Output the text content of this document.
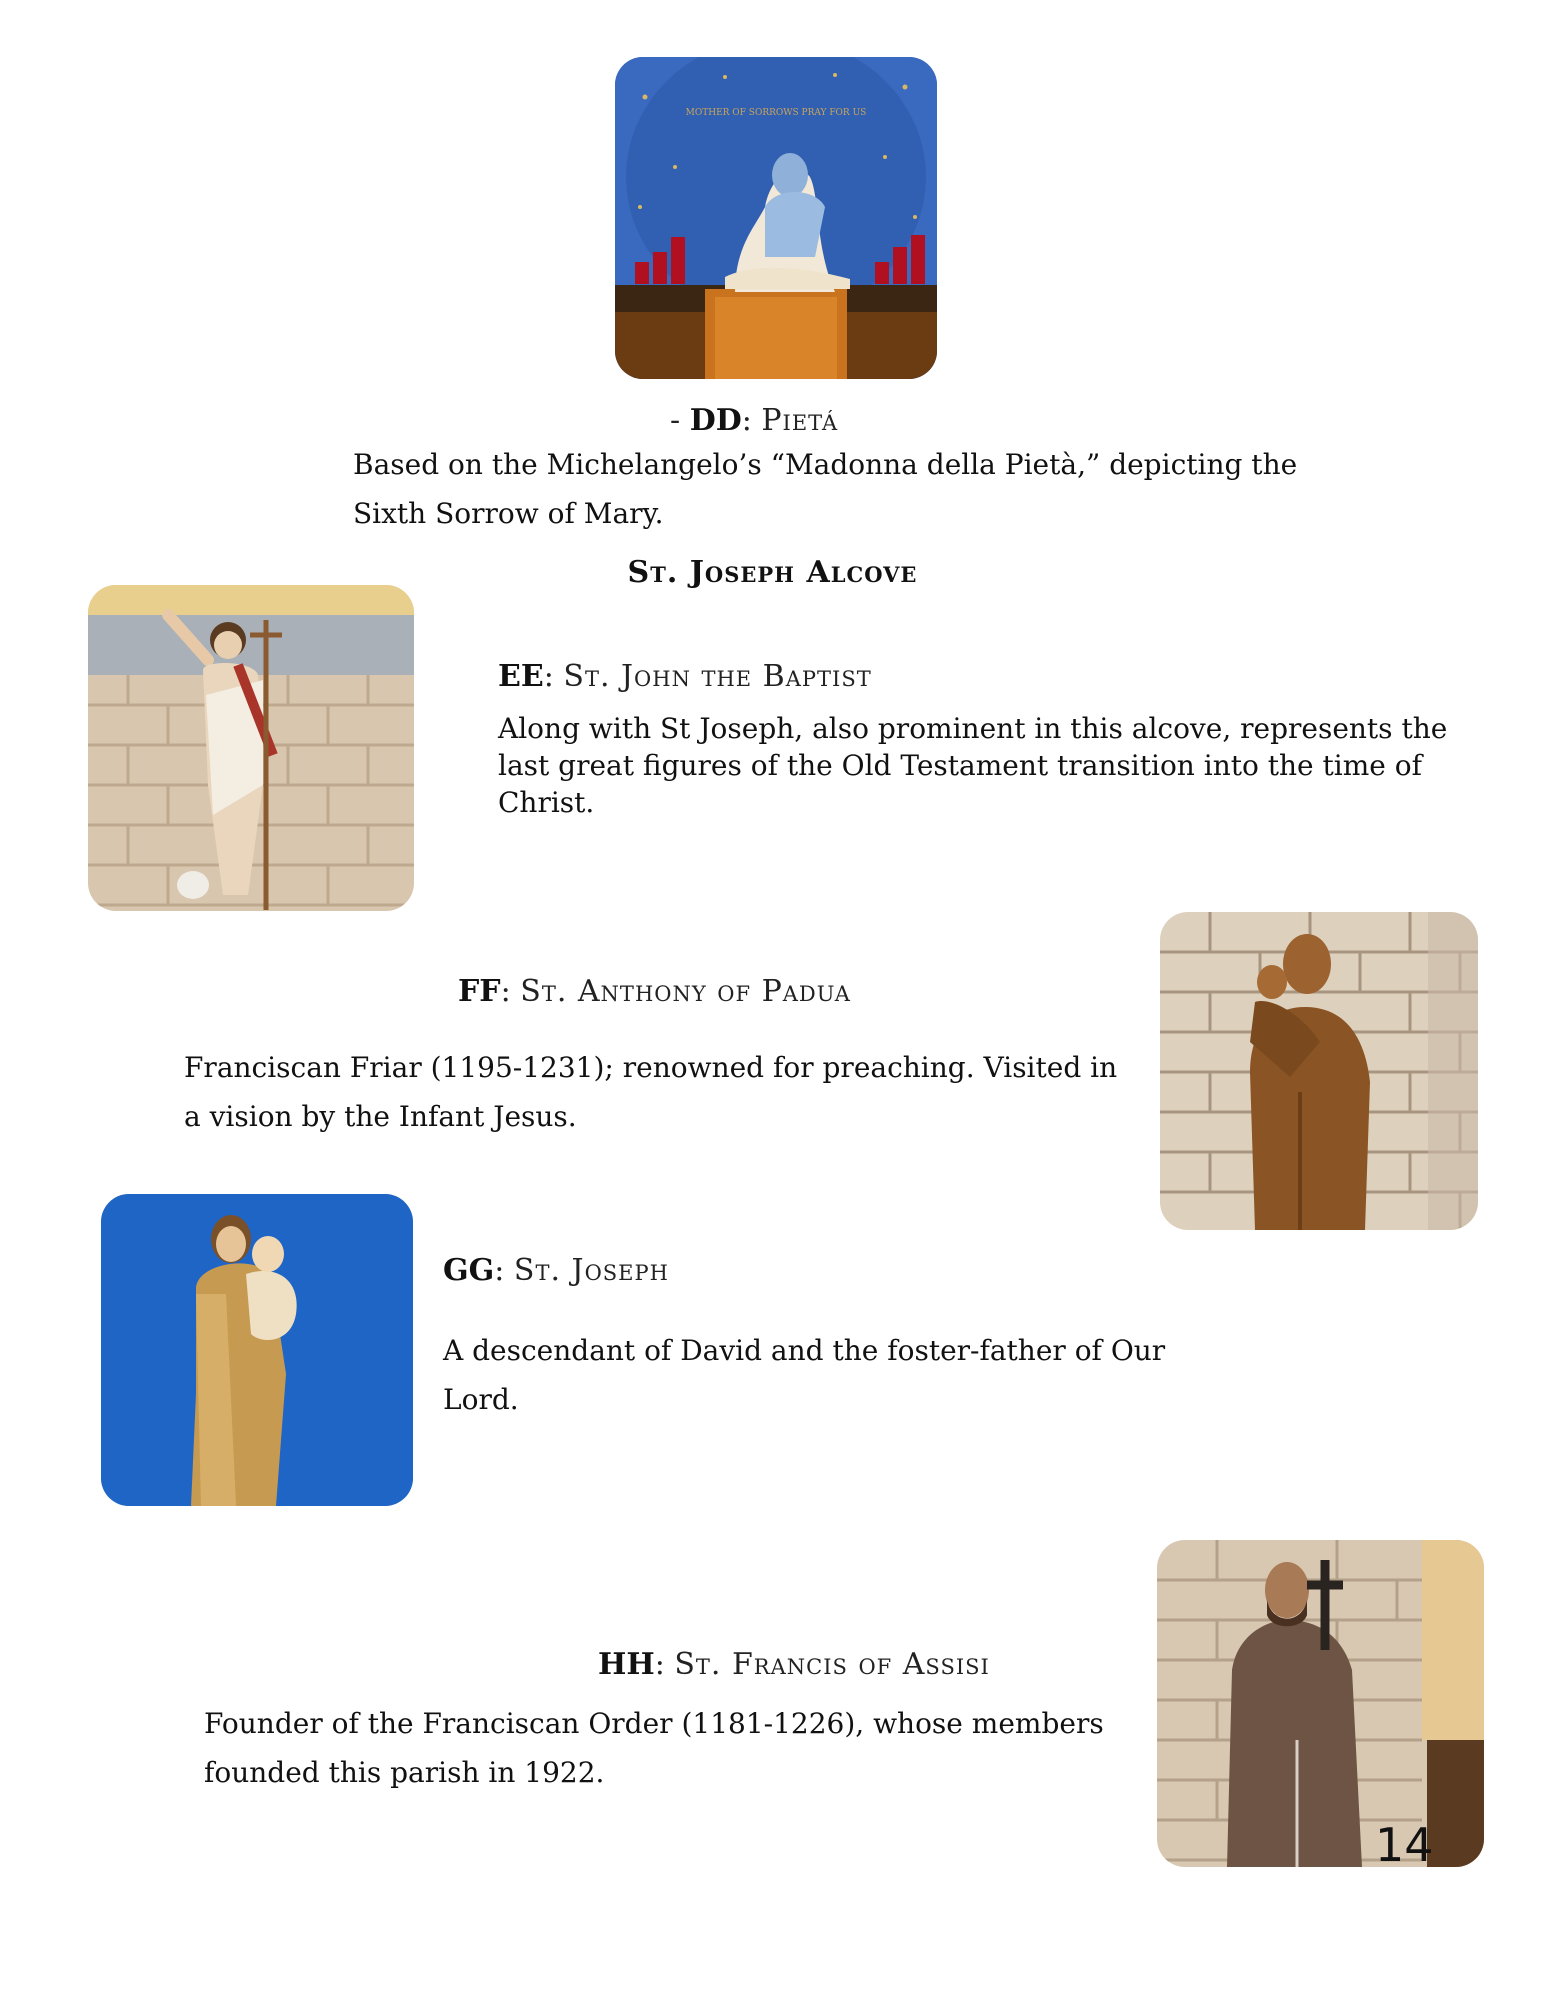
MOTHER OF SORROWS PRAY FOR US
- DD: Pietá
Based on the Michelangelo’s “Madonna della Pietà,” depicting the Sixth Sorrow of Mary.
St. Joseph Alcove
EE: St. John the Baptist
Along with St Joseph, also prominent in this alcove, represents the last great figures of the Old Testament transition into the time of Christ.
FF: St. Anthony of Padua
Franciscan Friar (1195-1231); renowned for preaching. Visited in a vision by the Infant Jesus.
GG: St. Joseph
A descendant of David and the foster-father of Our Lord.
HH: St. Francis of Assisi
Founder of the Franciscan Order (1181-1226), whose members founded this parish in 1922.
14
